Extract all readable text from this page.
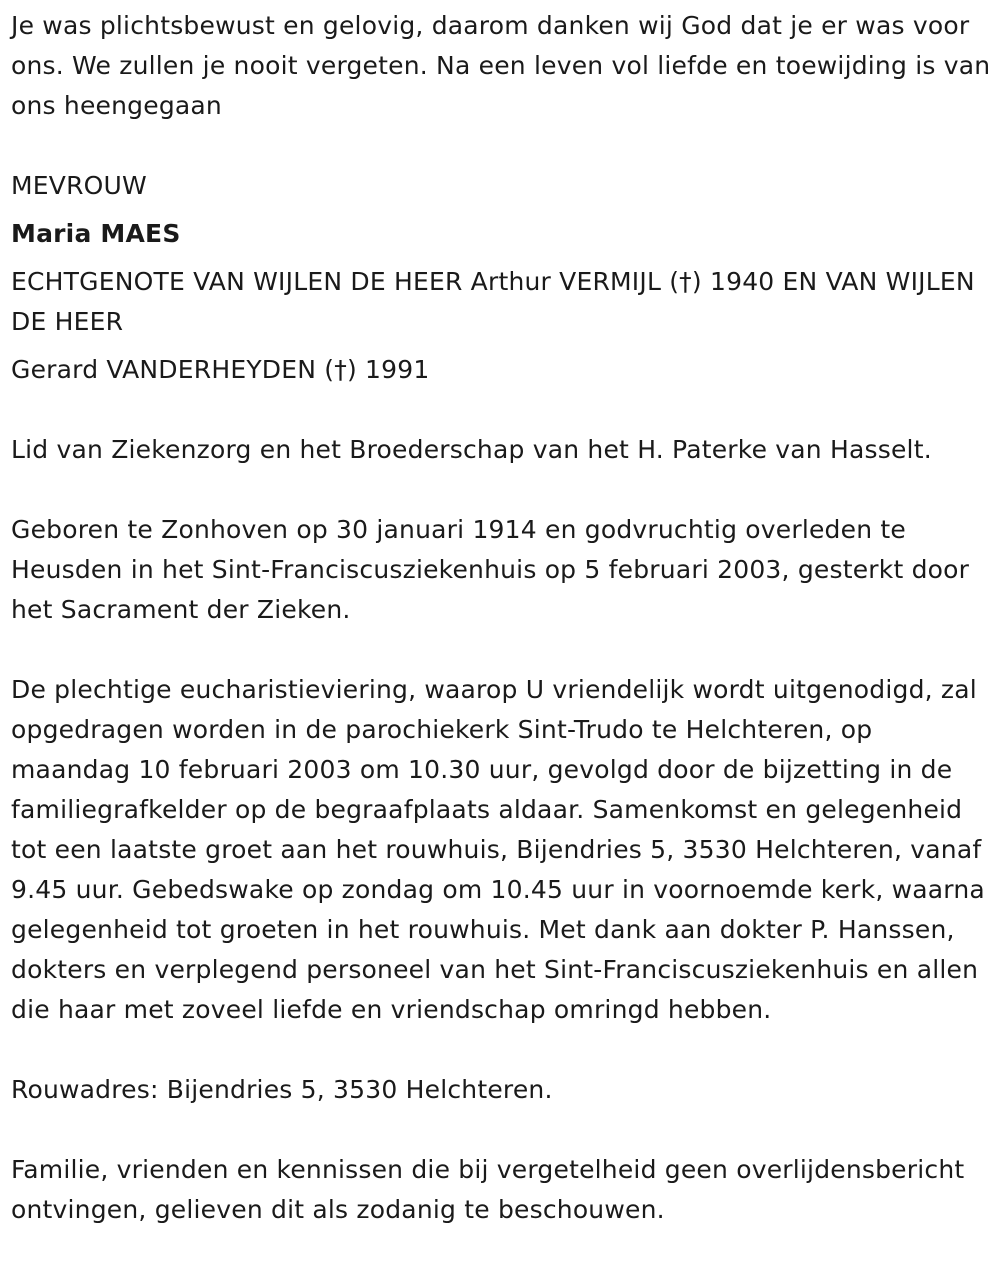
Je was plichtsbewust en gelovig, daarom danken wij God dat je er was voor ons. We zullen je nooit vergeten. Na een leven vol liefde en toewijding is van ons heengegaan

MEVROUW

Maria MAES

ECHTGENOTE VAN WIJLEN DE HEER Arthur VERMIJL (†) 1940 EN VAN WIJLEN DE HEER

Gerard VANDERHEYDEN (†) 1991

Lid van Ziekenzorg en het Broederschap van het H. Paterke van Hasselt.

Geboren te Zonhoven op 30 januari 1914 en godvruchtig overleden te Heusden in het Sint-Franciscusziekenhuis op 5 februari 2003, gesterkt door het Sacrament der Zieken.

De plechtige eucharistieviering, waarop U vriendelijk wordt uitgenodigd, zal opgedragen worden in de parochiekerk Sint-Trudo te Helchteren, op maandag 10 februari 2003 om 10.30 uur, gevolgd door de bijzetting in de familiegrafkelder op de begraafplaats aldaar. Samenkomst en gelegenheid tot een laatste groet aan het rouwhuis, Bijendries 5, 3530 Helchteren, vanaf 9.45 uur. Gebedswake op zondag om 10.45 uur in voornoemde kerk, waarna gelegenheid tot groeten in het rouwhuis. Met dank aan dokter P. Hanssen, dokters en verplegend personeel van het Sint-Franciscusziekenhuis en allen die haar met zoveel liefde en vriendschap omringd hebben.

Rouwadres: Bijendries 5, 3530 Helchteren.

Familie, vrienden en kennissen die bij vergetelheid geen overlijdensbericht ontvingen, gelieven dit als zodanig te beschouwen.
